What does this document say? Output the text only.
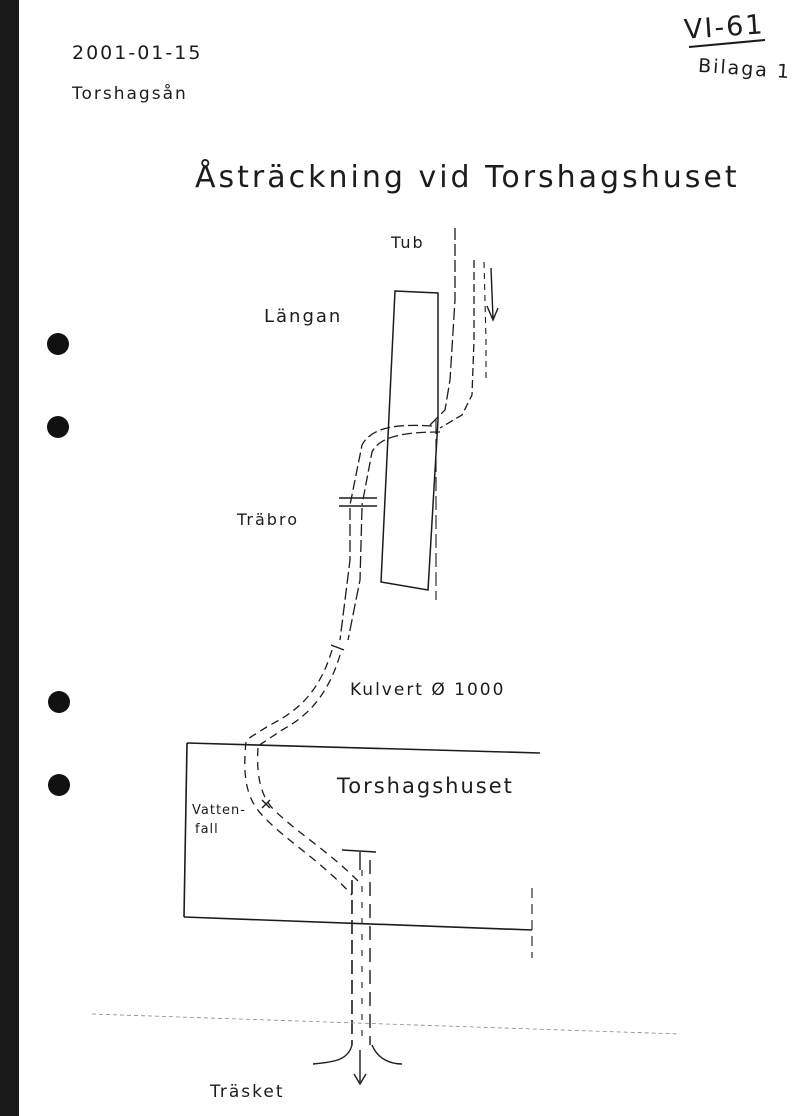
2001-01-15
Torshagsån
VI-61
Bilaga 1
Åsträckning vid Torshagshuset
Tub
Längan
Träbro
Kulvert Ø 1000
Torshagshuset
Vatten-
fall
Träsket
